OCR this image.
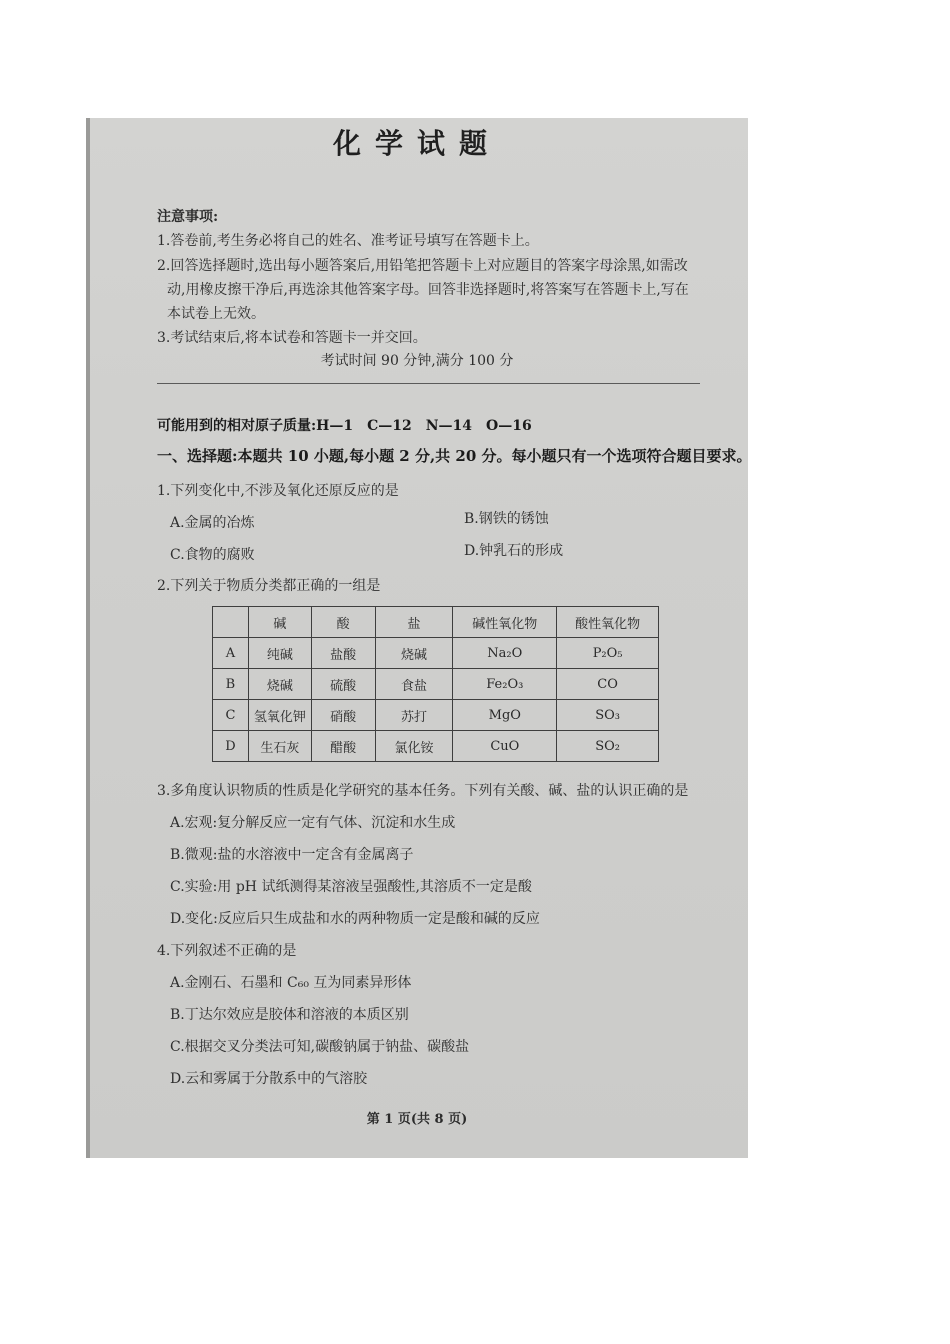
化学试题
注意事项:
1.答卷前,考生务必将自己的姓名、准考证号填写在答题卡上。
2.回答选择题时,选出每小题答案后,用铅笔把答题卡上对应题目的答案字母涂黑,如需改
动,用橡皮擦干净后,再选涂其他答案字母。回答非选择题时,将答案写在答题卡上,写在
本试卷上无效。
3.考试结束后,将本试卷和答题卡一并交回。
考试时间 90 分钟,满分 100 分
可能用到的相对原子质量:H—1　C—12　N—14　O—16
一、选择题:本题共 10 小题,每小题 2 分,共 20 分。每小题只有一个选项符合题目要求。
1.下列变化中,不涉及氧化还原反应的是
A.金属的冶炼	B.钢铁的锈蚀
C.食物的腐败	D.钟乳石的形成
2.下列关于物质分类都正确的一组是
	碱	酸	盐	碱性氧化物	酸性氧化物
A	纯碱	盐酸	烧碱	Na₂O	P₂O₅
B	烧碱	硫酸	食盐	Fe₂O₃	CO
C	氢氧化钾	硝酸	苏打	MgO	SO₃
D	生石灰	醋酸	氯化铵	CuO	SO₂
3.多角度认识物质的性质是化学研究的基本任务。下列有关酸、碱、盐的认识正确的是
A.宏观:复分解反应一定有气体、沉淀和水生成
B.微观:盐的水溶液中一定含有金属离子
C.实验:用 pH 试纸测得某溶液呈强酸性,其溶质不一定是酸
D.变化:反应后只生成盐和水的两种物质一定是酸和碱的反应
4.下列叙述不正确的是
A.金刚石、石墨和 C₆₀ 互为同素异形体
B.丁达尔效应是胶体和溶液的本质区别
C.根据交叉分类法可知,碳酸钠属于钠盐、碳酸盐
D.云和雾属于分散系中的气溶胶
第 1 页(共 8 页)
